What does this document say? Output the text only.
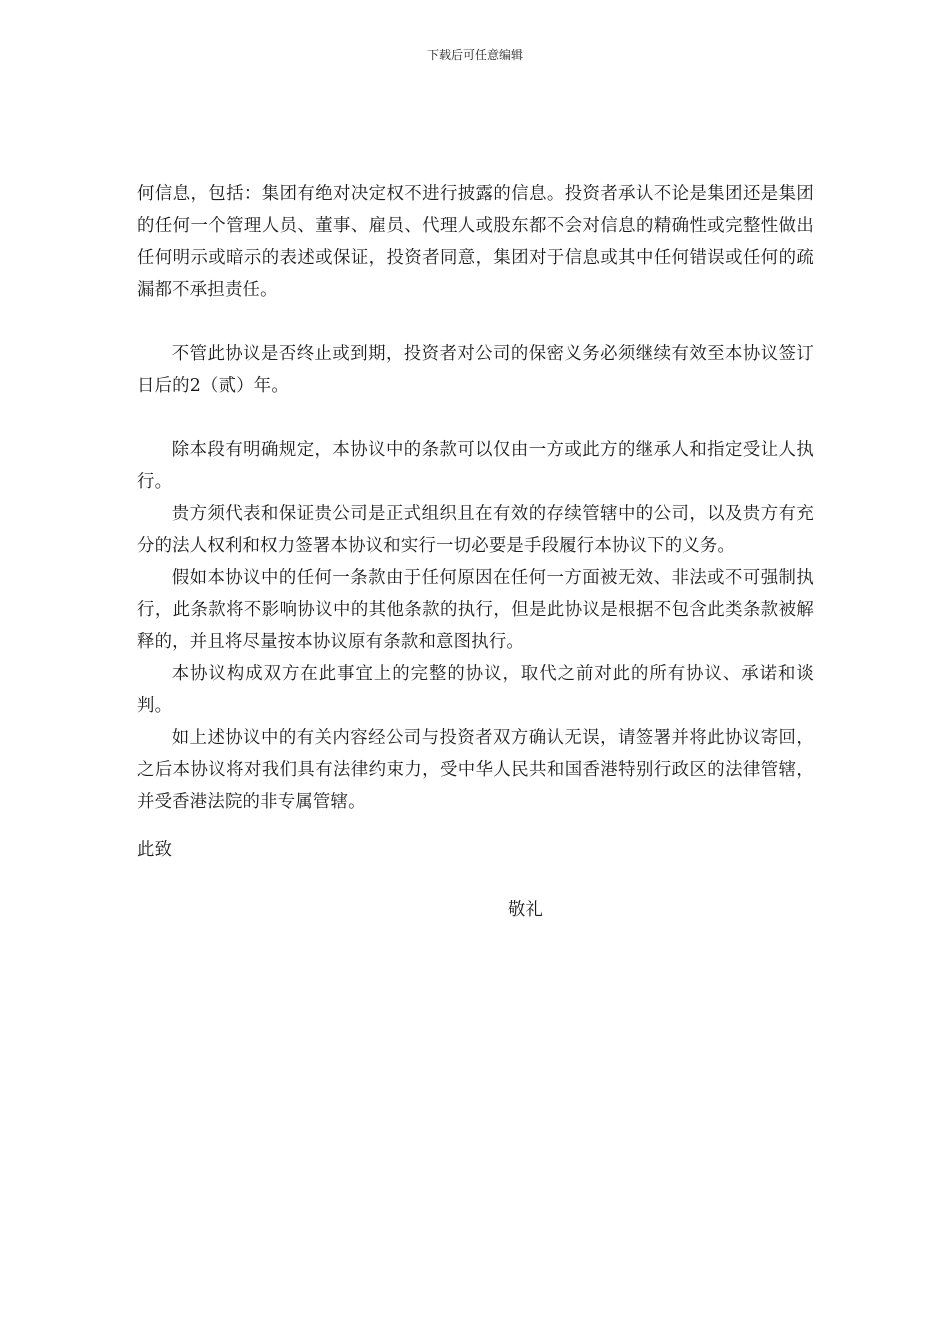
下载后可任意编辑

何信息，包括：集团有绝对决定权不进行披露的信息。投资者承认不论是集团还是集团的任何一个管理人员、董事、雇员、代理人或股东都不会对信息的精确性或完整性做出任何明示或暗示的表述或保证，投资者同意，集团对于信息或其中任何错误或任何的疏漏都不承担责任。

不管此协议是否终止或到期，投资者对公司的保密义务必须继续有效至本协议签订日后的2（贰）年。

除本段有明确规定，本协议中的条款可以仅由一方或此方的继承人和指定受让人执行。

贵方须代表和保证贵公司是正式组织且在有效的存续管辖中的公司，以及贵方有充分的法人权利和权力签署本协议和实行一切必要是手段履行本协议下的义务。

假如本协议中的任何一条款由于任何原因在任何一方面被无效、非法或不可强制执行，此条款将不影响协议中的其他条款的执行，但是此协议是根据不包含此类条款被解释的，并且将尽量按本协议原有条款和意图执行。

本协议构成双方在此事宜上的完整的协议，取代之前对此的所有协议、承诺和谈判。

如上述协议中的有关内容经公司与投资者双方确认无误，请签署并将此协议寄回，之后本协议将对我们具有法律约束力，受中华人民共和国香港特别行政区的法律管辖，并受香港法院的非专属管辖。

此致

敬礼
